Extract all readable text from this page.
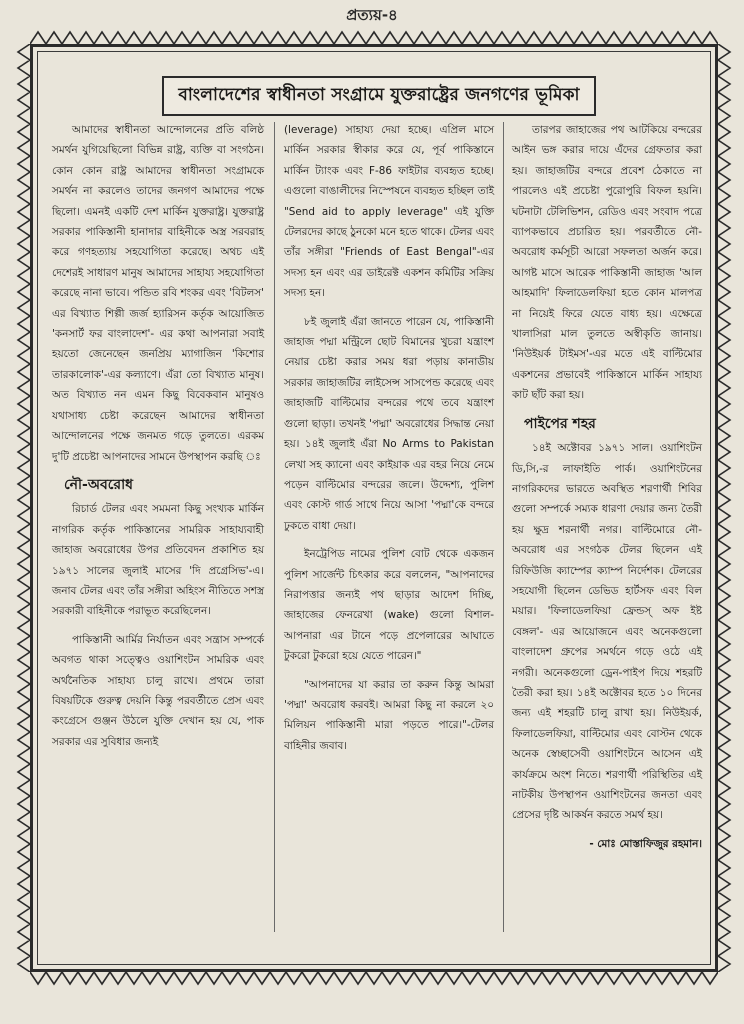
প্রত্যয়-৪
বাংলাদেশের স্বাধীনতা সংগ্রামে যুক্তরাষ্ট্রের জনগণের ভূমিকা

আমাদের স্বাধীনতা আন্দোলনের প্রতি বলিষ্ঠ সমর্থন যুগিয়েছিলো বিভিন্ন রাষ্ট্র, ব্যক্তি বা সংগঠন। কোন কোন রাষ্ট্র আমাদের স্বাধীনতা সংগ্রামকে সমর্থন না করলেও তাদের জনগণ আমাদের পক্ষে ছিলো। এমনই একটি দেশ মার্কিন যুক্তরাষ্ট্র। যুক্তরাষ্ট্র সরকার পাকিস্তানী হানাদার বাহিনীকে অস্ত্র সরবরাহ করে গণহত্যায় সহযোগিতা করেছে। অথচ এই দেশেরই সাধারণ মানুষ আমাদের সাহায্য সহযোগিতা করেছে নানা ভাবে। পন্ডিত রবি শংকর এবং 'বিটলস' এর বিখ্যাত শিল্পী জর্জ হ্যারিসন কর্তৃক আয়োজিত 'কনসার্ট ফর বাংলাদেশ'- এর কথা আপনারা সবাই হয়তো জেনেছেন জনপ্রিয় ম্যাগাজিন 'কিশোর তারকালোক'-এর কল্যাণে। এঁরা তো বিখ্যাত মানুষ। অত বিখ্যাত নন এমন কিছু বিবেকবান মানুষও যথাসাধ্য চেষ্টা করেছেন আমাদের স্বাধীনতা আন্দোলনের পক্ষে জনমত গড়ে তুলতে। এরকম দু'টি প্রচেষ্টা আপনাদের সামনে উপস্থাপন করছি ঃ

নৌ-অবরোধ

রিচার্ড টেলর এবং সমমনা কিছু সংখ্যক মার্কিন নাগরিক কর্তৃক পাকিস্তানের সামরিক সাহায্যবাহী জাহাজ অবরোধের উপর প্রতিবেদন প্রকাশিত হয় ১৯৭১ সালের জুলাই মাসের 'দি প্রগ্রেসিভ'-এ। জনাব টেলর এবং তাঁর সঙ্গীরা অহিংস নীতিতে সশস্ত্র সরকারী বাহিনীকে পরাভূত করেছিলেন।

পাকিস্তানী আর্মির নির্যাতন এবং সন্ত্রাস সম্পর্কে অবগত থাকা সত্ত্বেও ওয়াশিংটন সামরিক এবং অর্থনৈতিক সাহায্য চালু রাখে। প্রথমে তারা বিষয়টিকে গুরুত্ব দেয়নি কিন্তু পরবর্তীতে প্রেস এবং কংগ্রেসে গুঞ্জন উঠলে যুক্তি দেখান হয় যে, পাক সরকার এর সুবিধার জন্যই

(leverage) সাহায্য দেয়া হচ্ছে। এপ্রিল মাসে মার্কিন সরকার স্বীকার করে যে, পূর্ব পাকিস্তানে মার্কিন ট্যাংক এবং F-86 ফাইটার ব্যবহৃত হচ্ছে। এগুলো বাঙালীদের নিস্পেষনে ব্যবহৃত হচ্ছিল তাই "Send aid to apply leverage" এই যুক্তি টেলরদের কাছে ঠুনকো মনে হতে থাকে। টেলর এবং তাঁর সঙ্গীরা "Friends of East Bengal"-এর সদস্য হন এবং এর ডাইরেক্ট একশন কমিটির সক্রিয় সদস্য হন।

৮ই জুলাই এঁরা জানতে পারেন যে, পাকিস্তানী জাহাজ পদ্মা মন্ট্রিলে ছোট বিমানের খুচরা যন্ত্রাংশ নেয়ার চেষ্টা করার সময় ধরা পড়ায় কানাডীয় সরকার জাহাজটির লাইসেন্স সাসপেন্ড করেছে এবং জাহাজটি বাল্টিমোর বন্দরের পথে তবে যন্ত্রাংশ গুলো ছাড়া। তখনই 'পদ্মা' অবরোধের সিদ্ধান্ত নেয়া হয়। ১৪ই জুলাই এঁরা No Arms to Pakistan লেখা সহ ক্যানো এবং কাইয়াক এর বহর নিয়ে নেমে পড়েন বাল্টিমোর বন্দরের জলে। উদ্দেশ্য, পুলিশ এবং কোস্ট গার্ড সাথে নিয়ে আসা 'পদ্মা'কে বন্দরে ঢুকতে বাধা দেয়া।

ইনট্রেপিড নামের পুলিশ বোট থেকে একজন পুলিশ সার্জেন্ট চিৎকার করে বললেন, "আপনাদের নিরাপত্তার জন্যই পথ ছাড়ার আদেশ দিচ্ছি, জাহাজের ফেনরেখা (wake) গুলো বিশাল- আপনারা এর টানে পড়ে প্রপেলারের আঘাতে টুকরো টুকরো হয়ে যেতে পারেন।"

"আপনাদের যা করার তা করুন কিন্তু আমরা 'পদ্মা' অবরোধ করবই। আমরা কিছু না করলে ২০ মিলিয়ন পাকিস্তানী মারা পড়তে পারে।"-টেলর বাহিনীর জবাব।

তারপর জাহাজের পথ আটকিয়ে বন্দরের আইন ভঙ্গ করার দায়ে এঁদের গ্রেফতার করা হয়। জাহাজটির বন্দরে প্রবেশ ঠেকাতে না পারলেও এই প্রচেষ্টা পুরোপুরি বিফল হয়নি। ঘটনাটা টেলিভিশন, রেডিও এবং সংবাদ পত্রে ব্যাপকভাবে প্রচারিত হয়। পরবর্তীতে নৌ-অবরোধ কর্মসূচী আরো সফলতা অর্জন করে। আগষ্ট মাসে আরেক পাকিস্তানী জাহাজ 'আল আহমাদি' ফিলাডেলফিয়া হতে কোন মালপত্র না নিয়েই ফিরে যেতে বাধ্য হয়। এক্ষেত্রে খালাসিরা মাল তুলতে অস্বীকৃতি জানায়। 'নিউইয়র্ক টাইমস'-এর মতে এই বাল্টিমোর একশনের প্রভাবেই পাকিস্তানে মার্কিন সাহায্য কাট ছাঁট করা হয়।

পাইপের শহর

১৪ই অক্টোবর ১৯৭১ সাল। ওয়াশিংটন ডি,সি,-র লাফাইতি পার্ক। ওয়াশিংটনের নাগরিকদের ভারতে অবস্থিত শরণার্থী শিবির গুলো সম্পর্কে সম্যক ধারণা দেয়ার জন্য তৈরী হয় ক্ষুদ্র শরনার্থী নগর। বাল্টিমোরে নৌ-অবরোধ এর সংগঠক টেলর ছিলেন এই রিফিউজি ক্যাম্পের ক্যাম্প নির্দেশক। টেলরের সহযোগী ছিলেন ডেভিড হার্টসফ এবং বিল ময়ার। 'ফিলাডেলফিয়া ফ্রেন্ডস্ অফ ইষ্ট বেঙ্গল'- এর আয়োজনে এবং অনেকগুলো বাংলাদেশ গ্রুপের সমর্থনে গড়ে ওঠে এই নগরী। অনেকগুলো ড্রেন-পাইপ দিয়ে শহরটি তৈরী করা হয়। ১৪ই অক্টোবর হতে ১০ দিনের জন্য এই শহরটি চালু রাখা হয়। নিউইয়র্ক, ফিলাডেলফিয়া, বাল্টিমোর এবং বোস্টন থেকে অনেক স্বেচ্ছাসেবী ওয়াশিংটনে আসেন এই কার্যক্রমে অংশ নিতে। শরণার্থী পরিস্থিতির এই নাটকীয় উপস্থাপন ওয়াশিংটনের জনতা এবং প্রেসের দৃষ্টি আকর্ষন করতে সমর্থ হয়।

- মোঃ মোস্তাফিজুর রহমান।
